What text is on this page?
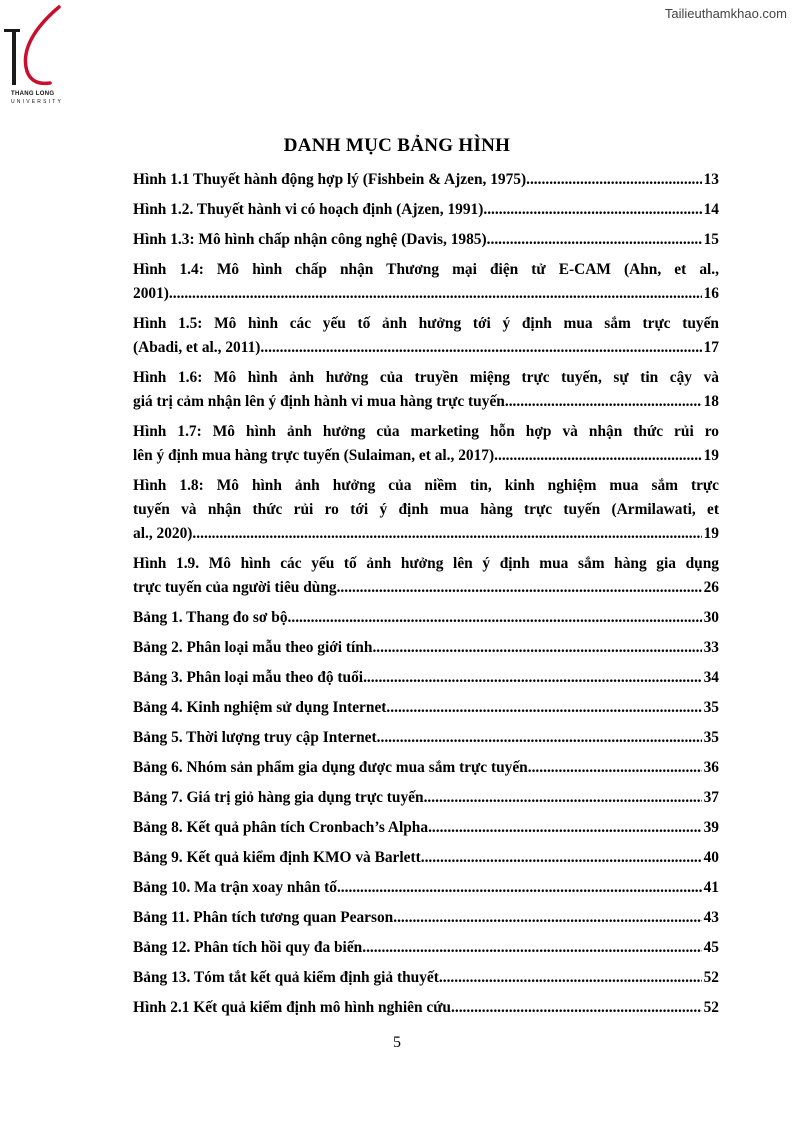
THANG LONG
UNIVERSITY
Tailieuthamkhao.com
DANH MỤC BẢNG HÌNH
Hình 1.1 Thuyết hành động hợp lý (Fishbein & Ajzen, 1975) .....	13
Hình 1.2. Thuyết hành vi có hoạch định (Ajzen, 1991) .....	14
Hình 1.3: Mô hình chấp nhận công nghệ (Davis, 1985) .....	15
Hình 1.4: Mô hình chấp nhận Thương mại điện tử E-CAM (Ahn, et al.,
2001) .....	16
Hình 1.5: Mô hình các yếu tố ảnh hưởng tới ý định mua sắm trực tuyến
(Abadi, et al., 2011) .....	17
Hình 1.6: Mô hình ảnh hưởng của truyền miệng trực tuyến, sự tin cậy và
giá trị cảm nhận lên ý định hành vi mua hàng trực tuyến .....	18
Hình 1.7: Mô hình ảnh hưởng của marketing hỗn hợp và nhận thức rủi ro
lên ý định mua hàng trực tuyến (Sulaiman, et al., 2017) .....	19
Hình 1.8: Mô hình ảnh hưởng của niềm tin, kinh nghiệm mua sắm trực
tuyến và nhận thức rủi ro tới ý định mua hàng trực tuyến (Armilawati, et
al., 2020) .....	19
Hình 1.9. Mô hình các yếu tố ảnh hưởng lên ý định mua sắm hàng gia dụng
trực tuyến của người tiêu dùng .....	26
Bảng 1. Thang đo sơ bộ .....	30
Bảng 2. Phân loại mẫu theo giới tính .....	33
Bảng 3. Phân loại mẫu theo độ tuổi .....	34
Bảng 4. Kinh nghiệm sử dụng Internet .....	35
Bảng 5. Thời lượng truy cập Internet .....	35
Bảng 6. Nhóm sản phẩm gia dụng được mua sắm trực tuyến .....	36
Bảng 7. Giá trị giỏ hàng gia dụng trực tuyến .....	37
Bảng 8. Kết quả phân tích Cronbach’s Alpha .....	39
Bảng 9. Kết quả kiểm định KMO và Barlett .....	40
Bảng 10. Ma trận xoay nhân tố .....	41
Bảng 11. Phân tích tương quan Pearson .....	43
Bảng 12. Phân tích hồi quy đa biến .....	45
Bảng 13. Tóm tắt kết quả kiểm định giả thuyết .....	52
Hình 2.1 Kết quả kiểm định mô hình nghiên cứu .....	52
5
